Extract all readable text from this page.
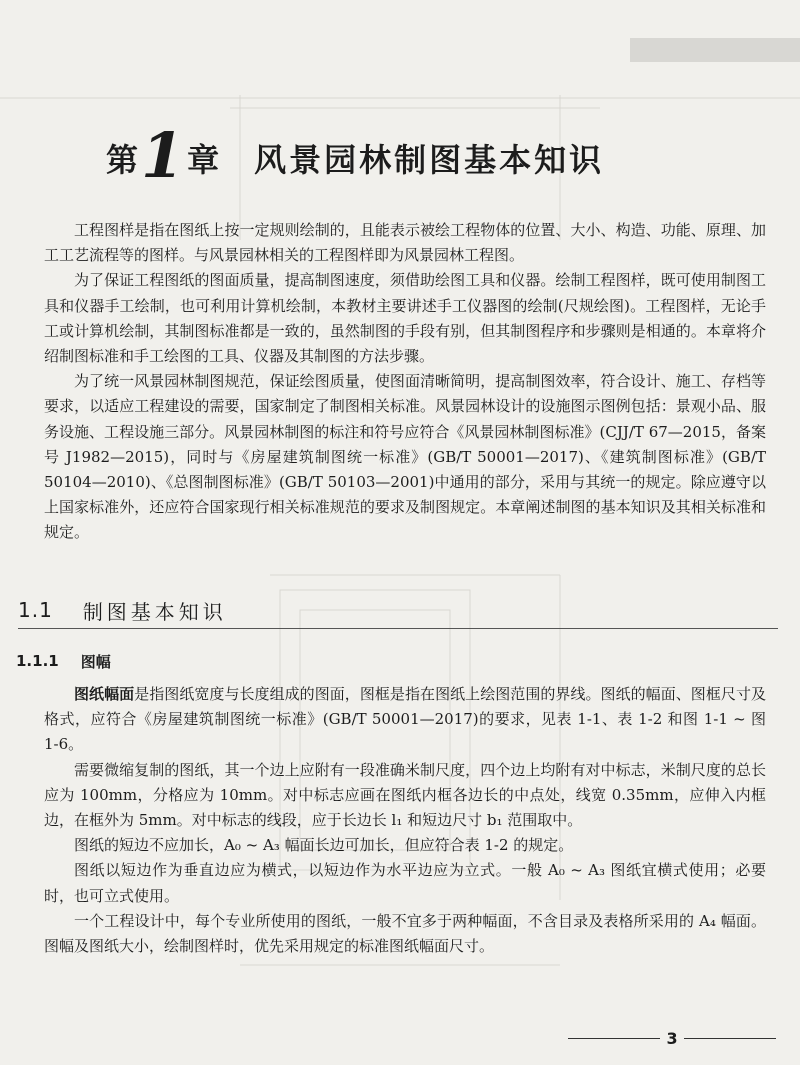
第 1 章 风景园林制图基本知识

工程图样是指在图纸上按一定规则绘制的，且能表示被绘工程物体的位置、大小、构造、功能、原理、加工工艺流程等的图样。与风景园林相关的工程图样即为风景园林工程图。

为了保证工程图纸的图面质量，提高制图速度，须借助绘图工具和仪器。绘制工程图样，既可使用制图工具和仪器手工绘制，也可利用计算机绘制，本教材主要讲述手工仪器图的绘制(尺规绘图)。工程图样，无论手工或计算机绘制，其制图标准都是一致的，虽然制图的手段有别，但其制图程序和步骤则是相通的。本章将介绍制图标准和手工绘图的工具、仪器及其制图的方法步骤。

为了统一风景园林制图规范，保证绘图质量，使图面清晰简明，提高制图效率，符合设计、施工、存档等要求，以适应工程建设的需要，国家制定了制图相关标准。风景园林设计的设施图示图例包括：景观小品、服务设施、工程设施三部分。风景园林制图的标注和符号应符合《风景园林制图标准》(CJJ/T 67—2015，备案号 J1982—2015)，同时与《房屋建筑制图统一标准》(GB/T 50001—2017)、《建筑制图标准》(GB/T 50104—2010)、《总图制图标准》(GB/T 50103—2001)中通用的部分，采用与其统一的规定。除应遵守以上国家标准外，还应符合国家现行相关标准规范的要求及制图规定。本章阐述制图的基本知识及其相关标准和规定。

1.1 制图基本知识
1.1.1 图幅

图纸幅面是指图纸宽度与长度组成的图面，图框是指在图纸上绘图范围的界线。图纸的幅面、图框尺寸及格式，应符合《房屋建筑制图统一标准》(GB/T 50001—2017)的要求，见表 1-1、表 1-2 和图 1-1 ~ 图 1-6。

需要微缩复制的图纸，其一个边上应附有一段准确米制尺度，四个边上均附有对中标志，米制尺度的总长应为 100mm，分格应为 10mm。对中标志应画在图纸内框各边长的中点处，线宽 0.35mm，应伸入内框边，在框外为 5mm。对中标志的线段，应于长边长 l₁ 和短边尺寸 b₁ 范围取中。

图纸的短边不应加长，A₀ ~ A₃ 幅面长边可加长，但应符合表 1-2 的规定。

图纸以短边作为垂直边应为横式，以短边作为水平边应为立式。一般 A₀ ~ A₃ 图纸宜横式使用；必要时，也可立式使用。

一个工程设计中，每个专业所使用的图纸，一般不宜多于两种幅面，不含目录及表格所采用的 A₄ 幅面。图幅及图纸大小，绘制图样时，优先采用规定的标准图纸幅面尺寸。

3
